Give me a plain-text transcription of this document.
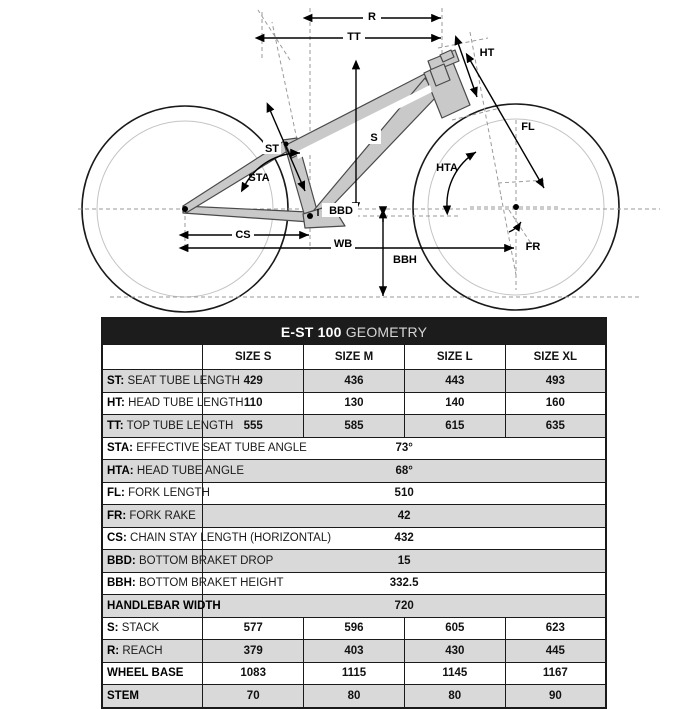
R
TT
HT
FL
ST
STA
S
HTA
BBD
CS
WB
BBH
FR
E-ST 100 GEOMETRY				
	SIZE S	SIZE M	SIZE L	SIZE XL
ST: SEAT TUBE LENGTH	429	436	443	493
HT: HEAD TUBE LENGTH	110	130	140	160
TT: TOP TUBE LENGTH	555	585	615	635
STA: EFFECTIVE SEAT TUBE ANGLE	73°			
HTA: HEAD TUBE ANGLE	68°			
FL: FORK LENGTH	510			
FR: FORK RAKE	42			
CS: CHAIN STAY LENGTH (HORIZONTAL)	432			
BBD: BOTTOM BRAKET DROP	15			
BBH: BOTTOM BRAKET HEIGHT	332.5			
HANDLEBAR WIDTH	720			
S: STACK	577	596	605	623
R: REACH	379	403	430	445
WHEEL BASE	1083	1115	1145	1167
STEM	70	80	80	90
